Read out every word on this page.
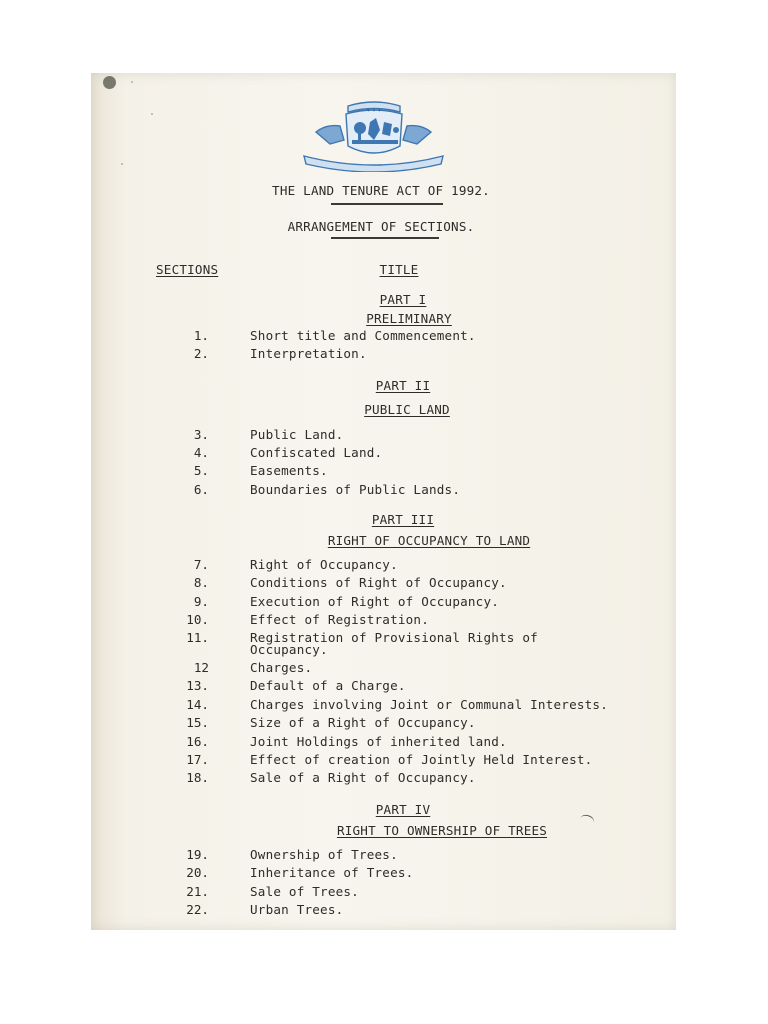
✦ ✦ ✦
THE LAND TENURE ACT OF 1992.
ARRANGEMENT OF SECTIONS.
SECTIONS	TITLE
PART I
PRELIMINARY
1.	Short title and Commencement.
2.	Interpretation.
PART II
PUBLIC LAND
3.	Public Land.
4.	Confiscated Land.
5.	Easements.
6.	Boundaries of Public Lands.
PART III
RIGHT OF OCCUPANCY TO LAND
7.	Right of Occupancy.
8.	Conditions of Right of Occupancy.
9.	Execution of Right of Occupancy.
10.	Effect of Registration.
11.	Registration of Provisional Rights of
Occupancy.
12	Charges.
13.	Default of a Charge.
14.	Charges involving Joint or Communal Interests.
15.	Size of a Right of Occupancy.
16.	Joint Holdings of inherited land.
17.	Effect of creation of Jointly Held Interest.
18.	Sale of a Right of Occupancy.
PART IV
RIGHT TO OWNERSHIP OF TREES
19.	Ownership of Trees.
20.	Inheritance of Trees.
21.	Sale of Trees.
22.	Urban Trees.
